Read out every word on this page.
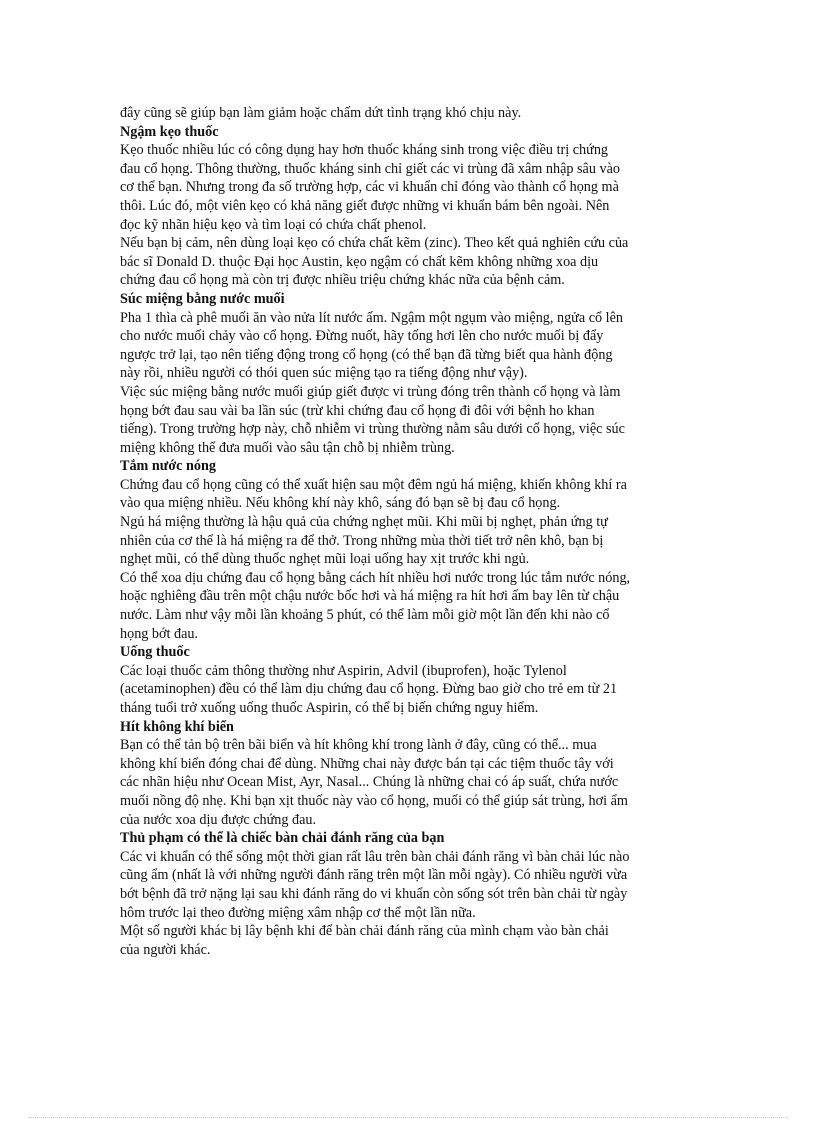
đây cũng sẽ giúp bạn làm giảm hoặc chấm dứt tình trạng khó chịu này.
Ngậm kẹo thuốc
Kẹo thuốc nhiều lúc có công dụng hay hơn thuốc kháng sinh trong việc điều trị chứng
đau cổ họng. Thông thường, thuốc kháng sinh chỉ giết các vi trùng đã xâm nhập sâu vào
cơ thể bạn. Nhưng trong đa số trường hợp, các vi khuẩn chỉ đóng vào thành cổ họng mà
thôi. Lúc đó, một viên kẹo có khả năng giết được những vi khuẩn bám bên ngoài. Nên
đọc kỹ nhãn hiệu kẹo và tìm loại có chứa chất phenol.
Nếu bạn bị cảm, nên dùng loại kẹo có chứa chất kẽm (zinc). Theo kết quả nghiên cứu của
bác sĩ Donald D. thuộc Đại học Austin, kẹo ngậm có chất kẽm không những xoa dịu
chứng đau cổ họng mà còn trị được nhiều triệu chứng khác nữa của bệnh cảm.
Súc miệng bằng nước muối
Pha 1 thìa cà phê muối ăn vào nửa lít nước ấm. Ngậm một ngụm vào miệng, ngửa cổ lên
cho nước muối chảy vào cổ họng. Đừng nuốt, hãy tống hơi lên cho nước muối bị đẩy
ngược trở lại, tạo nên tiếng động trong cổ họng (có thể bạn đã từng biết qua hành động
này rồi, nhiều người có thói quen súc miệng tạo ra tiếng động như vậy).
Việc súc miệng bằng nước muối giúp giết được vi trùng đóng trên thành cổ họng và làm
họng bớt đau sau vài ba lần súc (trừ khi chứng đau cổ họng đi đôi với bệnh ho khan
tiếng). Trong trường hợp này, chỗ nhiễm vi trùng thường nằm sâu dưới cổ họng, việc súc
miệng không thể đưa muối vào sâu tận chỗ bị nhiễm trùng.
Tắm nước nóng
Chứng đau cổ họng cũng có thể xuất hiện sau một đêm ngủ há miệng, khiến không khí ra
vào qua miệng nhiều. Nếu không khí này khô, sáng đó bạn sẽ bị đau cổ họng.
Ngủ há miệng thường là hậu quả của chứng nghẹt mũi. Khi mũi bị nghẹt, phản ứng tự
nhiên của cơ thể là há miệng ra để thở. Trong những mùa thời tiết trở nên khô, bạn bị
nghẹt mũi, có thể dùng thuốc nghẹt mũi loại uống hay xịt trước khi ngủ.
Có thể xoa dịu chứng đau cổ họng bằng cách hít nhiều hơi nước trong lúc tắm nước nóng,
hoặc nghiêng đầu trên một chậu nước bốc hơi và há miệng ra hít hơi ấm bay lên từ chậu
nước. Làm như vậy mỗi lần khoảng 5 phút, có thể làm mỗi giờ một lần đến khi nào cổ
họng bớt đau.
Uống thuốc
Các loại thuốc cảm thông thường như Aspirin, Advil (ibuprofen), hoặc Tylenol
(acetaminophen) đều có thể làm dịu chứng đau cổ họng. Đừng bao giờ cho trẻ em từ 21
tháng tuổi trở xuống uống thuốc Aspirin, có thể bị biến chứng nguy hiểm.
Hít không khí biển
Bạn có thể tản bộ trên bãi biển và hít không khí trong lành ở đây, cũng có thể... mua
không khí biển đóng chai để dùng. Những chai này được bán tại các tiệm thuốc tây với
các nhãn hiệu như Ocean Mist, Ayr, Nasal... Chúng là những chai có áp suất, chứa nước
muối nồng độ nhẹ. Khi bạn xịt thuốc này vào cổ họng, muối có thể giúp sát trùng, hơi ẩm
của nước xoa dịu được chứng đau.
Thủ phạm có thể là chiếc bàn chải đánh răng của bạn
Các vi khuẩn có thể sống một thời gian rất lâu trên bàn chải đánh răng vì bàn chải lúc nào
cũng ẩm (nhất là với những người đánh răng trên một lần mỗi ngày). Có nhiều người vừa
bớt bệnh đã trở nặng lại sau khi đánh răng do vi khuẩn còn sống sót trên bàn chải từ ngày
hôm trước lại theo đường miệng xâm nhập cơ thể một lần nữa.
Một số người khác bị lây bệnh khi để bàn chải đánh răng của mình chạm vào bàn chải
của người khác.
